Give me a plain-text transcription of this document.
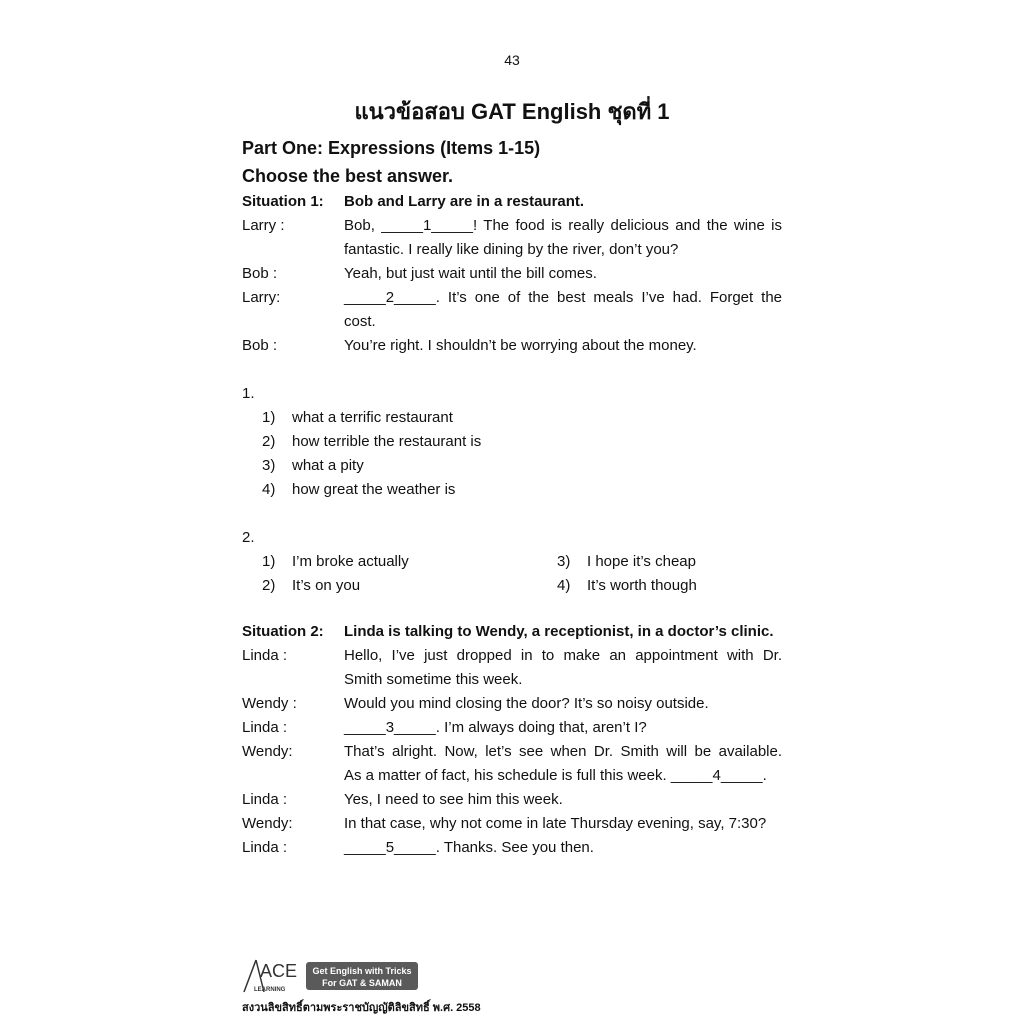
43
แนวข้อสอบ GAT English ชุดที่ 1
Part One: Expressions (Items 1-15)
Choose the best answer.
Situation 1: Bob and Larry are in a restaurant.
Larry :	Bob, _____1_____! The food is really delicious and the wine is
fantastic. I really like dining by the river, don’t you?
Bob :	Yeah, but just wait until the bill comes.
Larry:	_____2_____. It’s one of the best meals I’ve had. Forget the
cost.
Bob :	You’re right. I shouldn’t be worrying about the money.
1.
1) what a terrific restaurant
2) how terrible the restaurant is
3) what a pity
4) how great the weather is
2.
1) I’m broke actually
2) It’s on you
3) I hope it’s cheap
4) It’s worth though
Situation 2: Linda is talking to Wendy, a receptionist, in a doctor’s clinic.
Linda :	Hello, I’ve just dropped in to make an appointment with Dr.
Smith sometime this week.
Wendy :	Would you mind closing the door? It’s so noisy outside.
Linda :	_____3_____. I’m always doing that, aren’t I?
Wendy:	That’s alright. Now, let’s see when Dr. Smith will be available.
As a matter of fact, his schedule is full this week. _____4_____.
Linda :	Yes, I need to see him this week.
Wendy:	In that case, why not come in late Thursday evening, say, 7:30?
Linda :	_____5_____. Thanks. See you then.
ACE
LEARNING
Get English with Tricks
For GAT & SAMAN
สงวนลิขสิทธิ์ตามพระราชบัญญัติลิขสิทธิ์ พ.ศ. 2558
